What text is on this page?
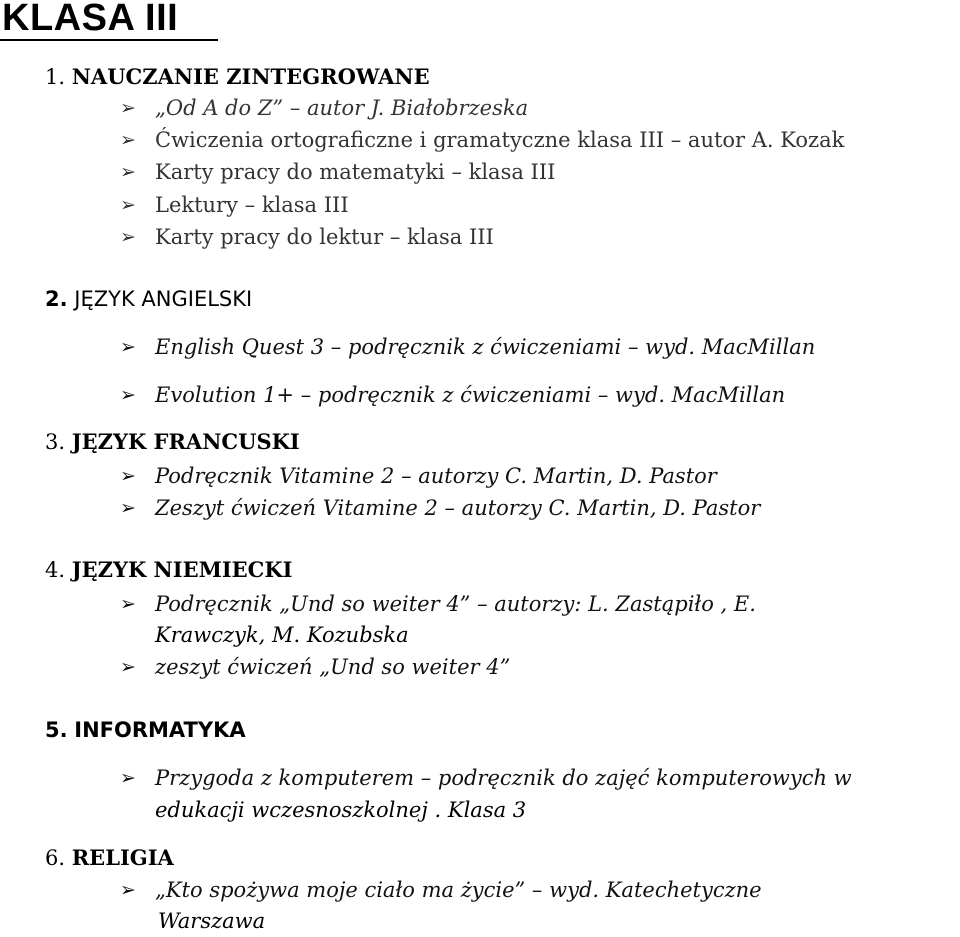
KLASA III
1. NAUCZANIE ZINTEGROWANE
➢ „Od A do Z” – autor J. Białobrzeska
➢ Ćwiczenia ortograficzne i gramatyczne klasa III – autor A. Kozak
➢ Karty pracy do matematyki – klasa III
➢ Lektury – klasa III
➢ Karty pracy do lektur – klasa III
2. JĘZYK ANGIELSKI
➢ English Quest 3 – podręcznik z ćwiczeniami – wyd. MacMillan
➢ Evolution 1+ – podręcznik z ćwiczeniami – wyd. MacMillan
3. JĘZYK FRANCUSKI
➢ Podręcznik Vitamine 2 – autorzy C. Martin, D. Pastor
➢ Zeszyt ćwiczeń Vitamine 2 – autorzy C. Martin, D. Pastor
4. JĘZYK NIEMIECKI
➢ Podręcznik „Und so weiter 4” – autorzy: L. Zastąpiło , E.
Krawczyk, M. Kozubska
➢ zeszyt ćwiczeń „Und so weiter 4”
5. INFORMATYKA
➢ Przygoda z komputerem – podręcznik do zajęć komputerowych w
edukacji wczesnoszkolnej . Klasa 3
6. RELIGIA
➢ „Kto spożywa moje ciało ma życie” – wyd. Katechetyczne
Warszawa
